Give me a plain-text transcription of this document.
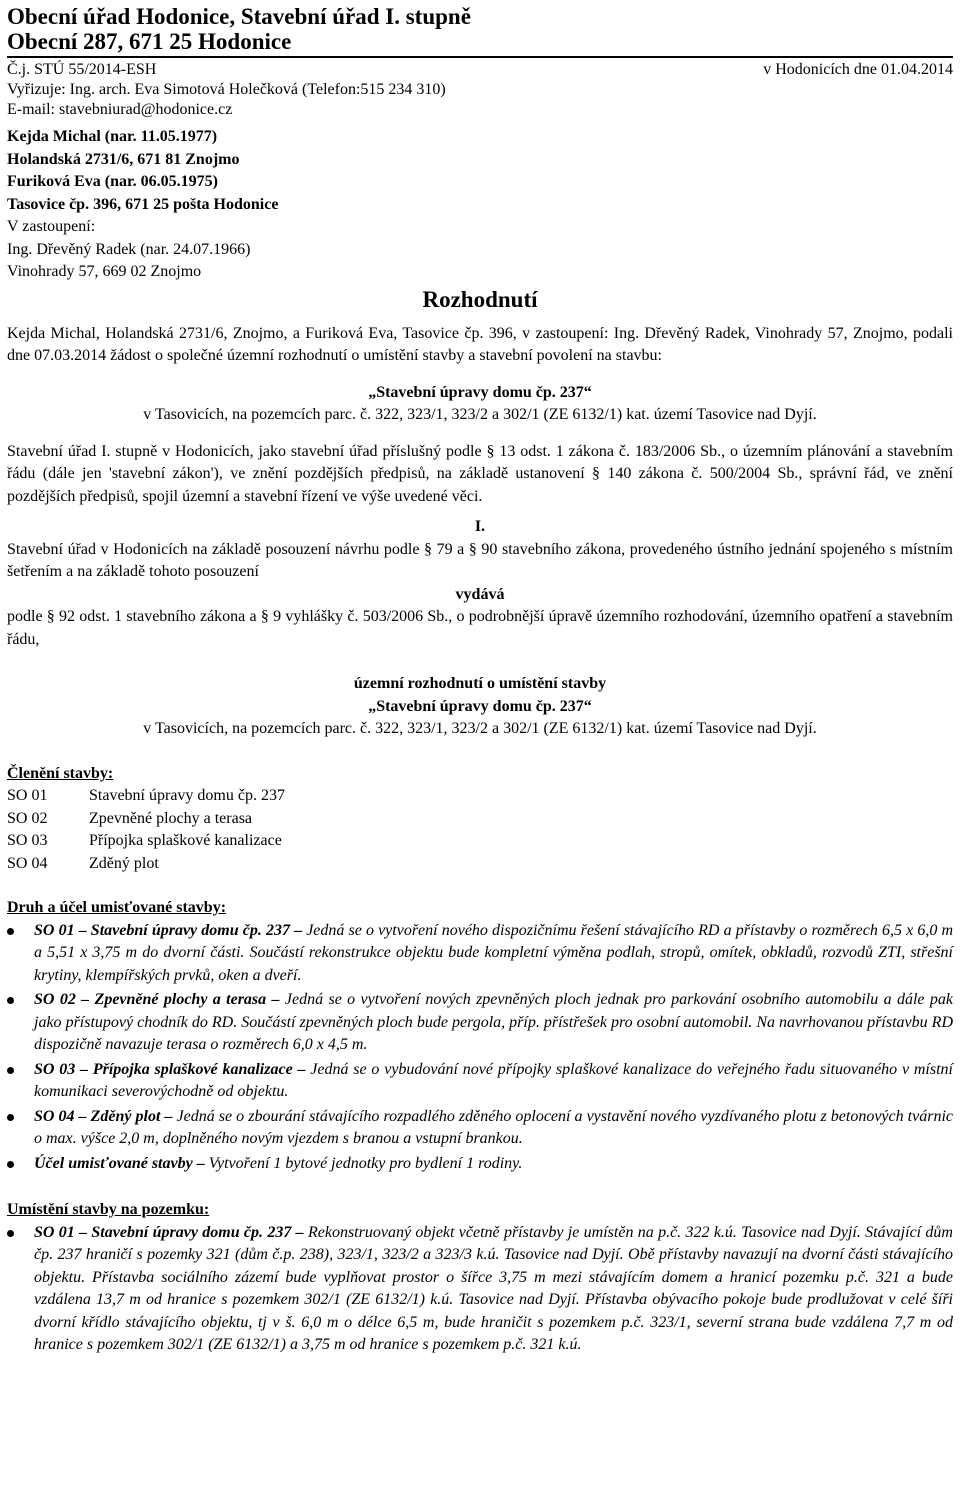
Obecní úřad Hodonice, Stavební úřad I. stupně
Obecní 287, 671 25 Hodonice
Č.j. STÚ 55/2014-ESH	v Hodonicích dne 01.04.2014
Vyřizuje: Ing. arch. Eva Simotová Holečková (Telefon:515 234 310)
E-mail: stavebniurad@hodonice.cz
Kejda Michal (nar. 11.05.1977)
Holandská 2731/6, 671 81 Znojmo
Furiková Eva (nar. 06.05.1975)
Tasovice čp. 396, 671 25 pošta Hodonice
V zastoupení:
Ing. Dřevěný Radek (nar. 24.07.1966)
Vinohrady 57, 669 02 Znojmo
Rozhodnutí

Kejda Michal, Holandská 2731/6, Znojmo, a Furiková Eva, Tasovice čp. 396, v zastoupení: Ing. Dřevěný Radek, Vinohrady 57, Znojmo, podali dne 07.03.2014 žádost o společné územní rozhodnutí o umístění stavby a stavební povolení na stavbu:

„Stavební úpravy domu čp. 237“

v Tasovicích, na pozemcích parc. č. 322, 323/1, 323/2 a 302/1 (ZE 6132/1) kat. území Tasovice nad Dyjí.

Stavební úřad I. stupně v Hodonicích, jako stavební úřad příslušný podle § 13 odst. 1 zákona č. 183/2006 Sb., o územním plánování a stavebním řádu (dále jen 'stavební zákon'), ve znění pozdějších předpisů, na základě ustanovení § 140 zákona č. 500/2004 Sb., správní řád, ve znění pozdějších předpisů, spojil územní a stavební řízení ve výše uvedené věci.

I.

Stavební úřad v Hodonicích na základě posouzení návrhu podle § 79 a § 90 stavebního zákona, provedeného ústního jednání spojeného s místním šetřením a na základě tohoto posouzení

vydává

podle § 92 odst. 1 stavebního zákona a § 9 vyhlášky č. 503/2006 Sb., o podrobnější úpravě územního rozhodování, územního opatření a stavebním řádu,

územní rozhodnutí o umístění stavby

„Stavební úpravy domu čp. 237“

v Tasovicích, na pozemcích parc. č. 322, 323/1, 323/2 a 302/1 (ZE 6132/1) kat. území Tasovice nad Dyjí.

Členění stavby:

SO 01	Stavební úpravy domu čp. 237
SO 02	Zpevněné plochy a terasa
SO 03	Přípojka splaškové kanalizace
SO 04	Zděný plot

Druh a účel umisťované stavby:

SO 01 – Stavební úpravy domu čp. 237 – Jedná se o vytvoření nového dispozičnímu řešení stávajícího RD a přístavby o rozměrech 6,5 x 6,0 m a 5,51 x 3,75 m do dvorní části. Součástí rekonstrukce objektu bude kompletní výměna podlah, stropů, omítek, obkladů, rozvodů ZTI, střešní krytiny, klempířských prvků, oken a dveří.
SO 02 – Zpevněné plochy a terasa – Jedná se o vytvoření nových zpevněných ploch jednak pro parkování osobního automobilu a dále pak jako přístupový chodník do RD. Součástí zpevněných ploch bude pergola, příp. přístřešek pro osobní automobil. Na navrhovanou přístavbu RD dispozičně navazuje terasa o rozměrech 6,0 x 4,5 m.
SO 03 – Přípojka splaškové kanalizace – Jedná se o vybudování nové přípojky splaškové kanalizace do veřejného řadu situovaného v místní komunikaci severovýchodně od objektu.
SO 04 – Zděný plot – Jedná se o zbourání stávajícího rozpadlého zděného oplocení a vystavění nového vyzdívaného plotu z betonových tvárnic o max. výšce 2,0 m, doplněného novým vjezdem s branou a vstupní brankou.
Účel umisťované stavby – Vytvoření 1 bytové jednotky pro bydlení 1 rodiny.

Umístění stavby na pozemku:

SO 01 – Stavební úpravy domu čp. 237 – Rekonstruovaný objekt včetně přístavby je umístěn na p.č. 322 k.ú. Tasovice nad Dyjí. Stávající dům čp. 237 hraničí s pozemky 321 (dům č.p. 238), 323/1, 323/2 a 323/3 k.ú. Tasovice nad Dyjí. Obě přístavby navazují na dvorní části stávajícího objektu. Přístavba sociálního zázemí bude vyplňovat prostor o šířce 3,75 m mezi stávajícím domem a hranicí pozemku p.č. 321 a bude vzdálena 13,7 m od hranice s pozemkem 302/1 (ZE 6132/1) k.ú. Tasovice nad Dyjí. Přístavba obývacího pokoje bude prodlužovat v celé šíři dvorní křídlo stávajícího objektu, tj v š. 6,0 m o délce 6,5 m, bude hraničit s pozemkem p.č. 323/1, severní strana bude vzdálena 7,7 m od hranice s pozemkem 302/1 (ZE 6132/1) a 3,75 m od hranice s pozemkem p.č. 321 k.ú.
